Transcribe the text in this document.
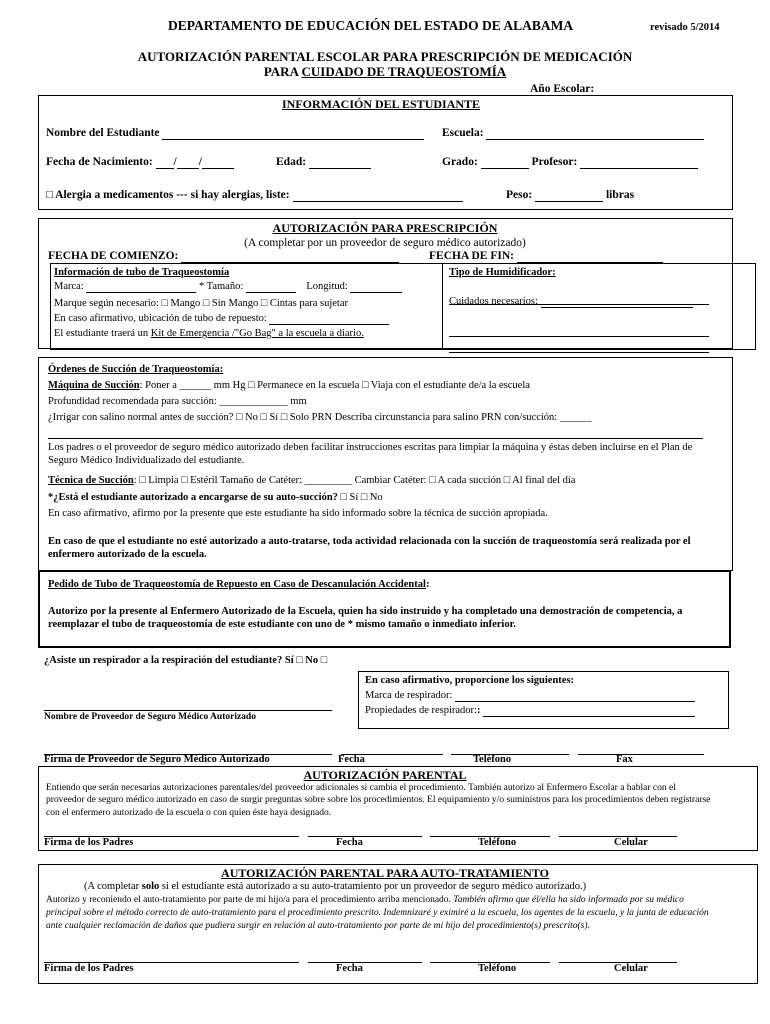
DEPARTAMENTO DE EDUCACIÓN DEL ESTADO DE ALABAMA	revisado 5/2014
AUTORIZACIÓN PARENTAL ESCOLAR PARA PRESCRIPCIÓN DE MEDICACIÓN
PARA CUIDADO DE TRAQUEOSTOMÍA
Año Escolar:
INFORMACIÓN DEL ESTUDIANTE
Nombre del Estudiante	Escuela:
Fecha de Nacimiento: / /	Edad:	Grado:	Profesor:
□ Alergia a medicamentos --- si hay alergias, liste:	Peso:	libras
AUTORIZACIÓN PARA PRESCRIPCIÓN
(A completar por un proveedor de seguro médico autorizado)
FECHA DE COMIENZO:	FECHA DE FIN:
Información de tubo de Traqueostomía
Marca:	* Tamaño:	Longitud:
Marque según necesario: □ Mango □ Sin Mango □ Cintas para sujetar
En caso afirmativo, ubicación de tubo de repuesto:
El estudiante traerá un Kit de Emergencia /"Go Bag" a la escuela a diario.
Tipo de Humidificador:
Cuidados necesarios:
Órdenes de Succión de Traqueostomía:
Máquina de Succión: Poner a ______ mm Hg □ Permanece en la escuela □ Viaja con el estudiante de/a la escuela
Profundidad recomendada para succión: _____________ mm
¿Irrigar con salino normal antes de succión? □ No □ Sí □ Solo PRN Describa circunstancia para salino PRN con/succión: ______
Los padres o el proveedor de seguro médico autorizado deben facilitar instrucciones escritas para limpiar la máquina y éstas deben incluirse en el Plan de Seguro Médico Individualizado del estudiante.
Técnica de Succión: □ Limpia □ Estéril Tamaño de Catéter: _________ Cambiar Catéter: □ A cada succión □ Al final del día
*¿Está el estudiante autorizado a encargarse de su auto-succión? □ Sí □ No
En caso afirmativo, afirmo por la presente que este estudiante ha sido informado sobre la técnica de succión apropiada.
En caso de que el estudiante no esté autorizado a auto-tratarse, toda actividad relacionada con la succión de traqueostomía será realizada por el enfermero autorizado de la escuela.
Pedido de Tubo de Traqueostomía de Repuesto en Caso de Descanulación Accidental:
Autorizo por la presente al Enfermero Autorizado de la Escuela, quien ha sido instruido y ha completado una demostración de competencia, a reemplazar el tubo de traqueostomía de este estudiante con uno de * mismo tamaño o inmediato inferior.
¿Asiste un respirador a la respiración del estudiante? Sí □ No □
En caso afirmativo, proporcione los siguientes:
Marca de respirador:
Propiedades de respirador::
Nombre de Proveedor de Seguro Médico Autorizado

Firma de Proveedor de Seguro Médico Autorizado	Fecha	Teléfono	Fax
AUTORIZACIÓN PARENTAL
Entiendo que serán necesarias autorizaciones parentales/del proveedor adicionales si cambia el procedimiento. También autorizo al Enfermero Escolar a hablar con el proveedor de seguro médico autorizado en caso de surgir preguntas sobre sobre los procedimientos. El equipamiento y/o suministros para los procedimientos deben registrarse con el enfermero autorizado de la escuela o con quien éste haya designado.

Firma de los Padres	Fecha	Teléfono	Celular
AUTORIZACIÓN PARENTAL PARA AUTO-TRATAMIENTO
(A completar solo si el estudiante está autorizado a su auto-tratamiento por un proveedor de seguro médico autorizado.)
Autorizo y reconiendo el auto-tratamiento por parte de mi hijo/a para el procedimiento arriba mencionado. También afirmo que él/ella ha sido informado por su médico principal sobre el método correcto de auto-tratamiento para el procedimiento prescrito. Indemnizaré y eximiré a la escuela, los agentes de la escuela, y la junta de educación ante cualquier reclamación de daños que pudiera surgir en relación al auto-tratamiento por parte de mi hijo del procedimiento(s) prescrito(s).

Firma de los Padres	Fecha	Teléfono	Celular
